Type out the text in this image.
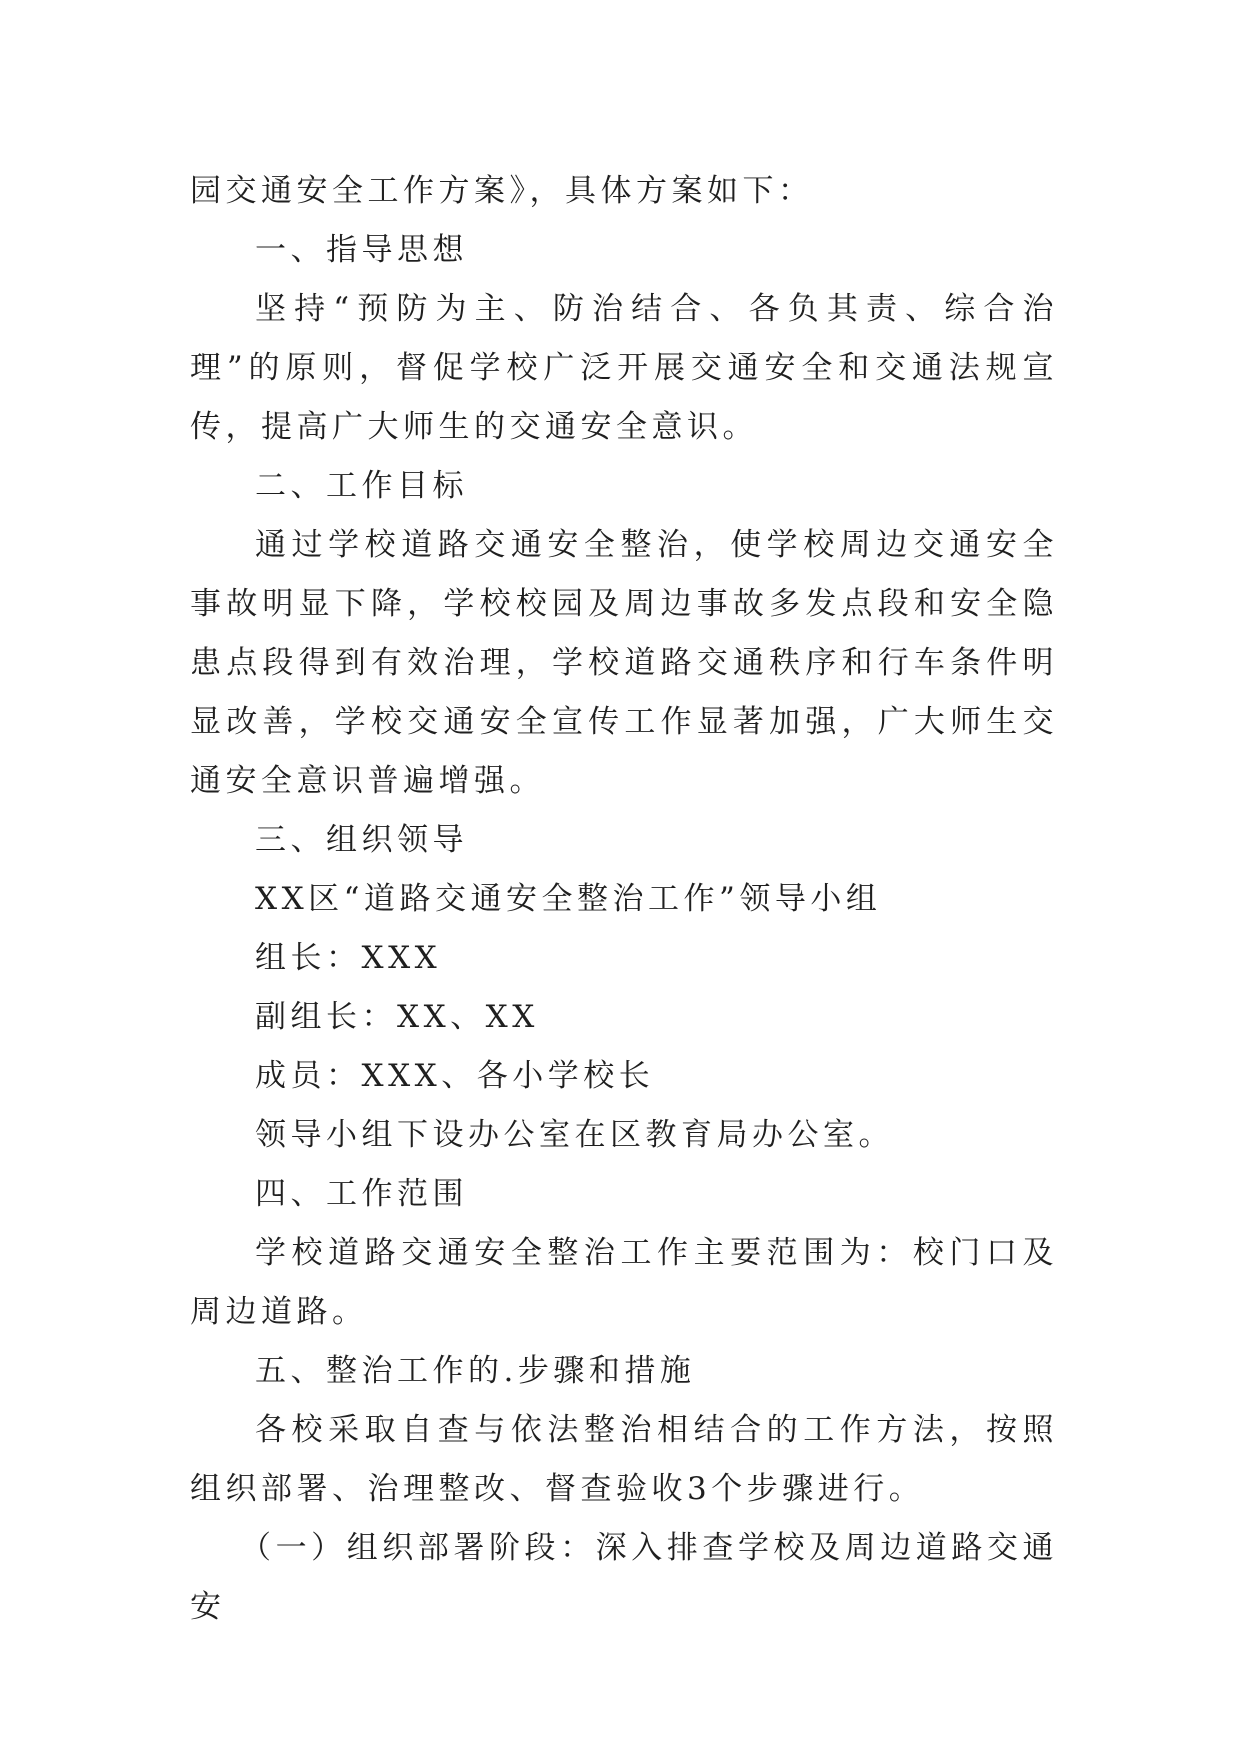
园交通安全工作方案》，具体方案如下：

一、指导思想

坚持“预防为主、防治结合、各负其责、综合治理”的原则，督促学校广泛开展交通安全和交通法规宣传，提高广大师生的交通安全意识。

二、工作目标

通过学校道路交通安全整治，使学校周边交通安全事故明显下降，学校校园及周边事故多发点段和安全隐患点段得到有效治理，学校道路交通秩序和行车条件明显改善，学校交通安全宣传工作显著加强，广大师生交通安全意识普遍增强。

三、组织领导

XX区“道路交通安全整治工作”领导小组

组长：XXX

副组长：XX、XX

成员：XXX、各小学校长

领导小组下设办公室在区教育局办公室。

四、工作范围

学校道路交通安全整治工作主要范围为：校门口及周边道路。

五、整治工作的.步骤和措施

各校采取自查与依法整治相结合的工作方法，按照组织部署、治理整改、督查验收3个步骤进行。

（一）组织部署阶段：深入排查学校及周边道路交通安
